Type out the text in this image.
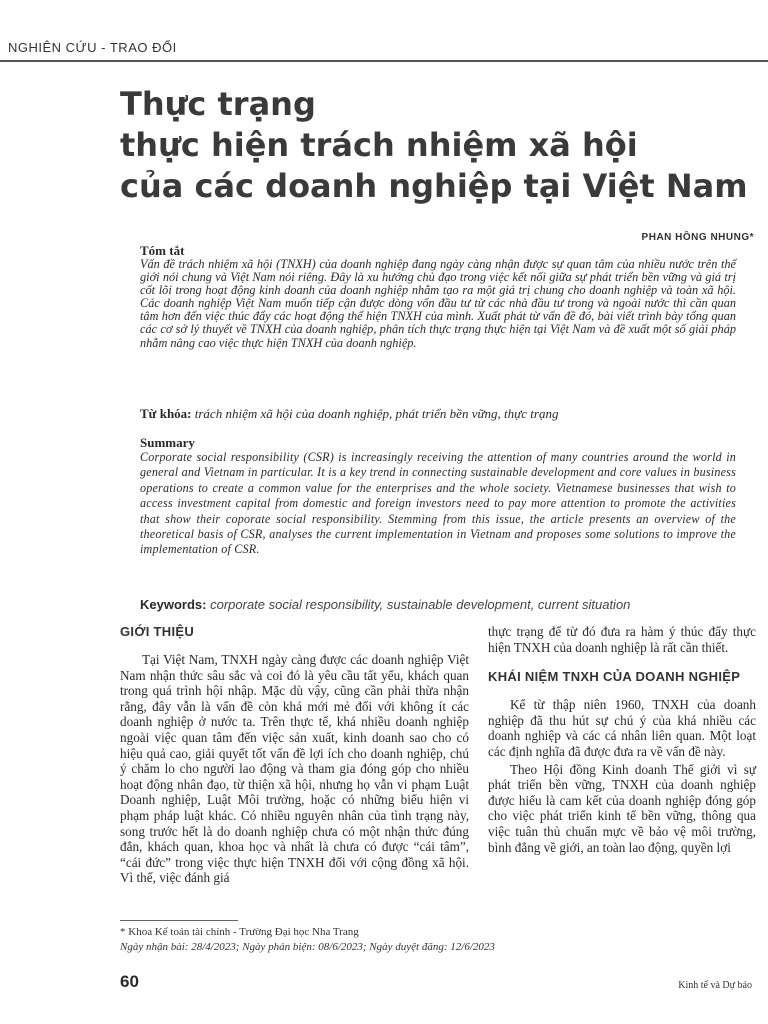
NGHIÊN CỨU - TRAO ĐỔI
Thực trạng
thực hiện trách nhiệm xã hội
của các doanh nghiệp tại Việt Nam
PHAN HỒNG NHUNG*
Tóm tắt
Vấn đề trách nhiệm xã hội (TNXH) của doanh nghiệp đang ngày càng nhận được sự quan tâm của nhiều nước trên thế giới nói chung và Việt Nam nói riêng. Đây là xu hướng chủ đạo trong việc kết nối giữa sự phát triển bền vững và giá trị cốt lõi trong hoạt động kinh doanh của doanh nghiệp nhằm tạo ra một giá trị chung cho doanh nghiệp và toàn xã hội. Các doanh nghiệp Việt Nam muốn tiếp cận được dòng vốn đầu tư từ các nhà đầu tư trong và ngoài nước thì cần quan tâm hơn đến việc thúc đẩy các hoạt động thể hiện TNXH của mình. Xuất phát từ vấn đề đó, bài viết trình bày tổng quan các cơ sở lý thuyết về TNXH của doanh nghiệp, phân tích thực trạng thực hiện tại Việt Nam và đề xuất một số giải pháp nhằm nâng cao việc thực hiện TNXH của doanh nghiệp.
Từ khóa: trách nhiệm xã hội của doanh nghiệp, phát triển bền vững, thực trạng
Summary
Corporate social responsibility (CSR) is increasingly receiving the attention of many countries around the world in general and Vietnam in particular. It is a key trend in connecting sustainable development and core values in business operations to create a common value for the enterprises and the whole society. Vietnamese businesses that wish to access investment capital from domestic and foreign investors need to pay more attention to promote the activities that show their coporate social responsibility. Stemming from this issue, the article presents an overview of the theoretical basis of CSR, analyses the current implementation in Vietnam and proposes some solutions to improve the implementation of CSR.
Keywords: corporate social responsibility, sustainable development, current situation
GIỚI THIỆU

Tại Việt Nam, TNXH ngày càng được các doanh nghiệp Việt Nam nhận thức sâu sắc và coi đó là yêu cầu tất yếu, khách quan trong quá trình hội nhập. Mặc dù vậy, cũng cần phải thừa nhận rằng, đây vẫn là vấn đề còn khá mới mẻ đối với không ít các doanh nghiệp ở nước ta. Trên thực tế, khá nhiều doanh nghiệp ngoài việc quan tâm đến việc sản xuất, kinh doanh sao cho có hiệu quả cao, giải quyết tốt vấn đề lợi ích cho doanh nghiệp, chú ý chăm lo cho người lao động và tham gia đóng góp cho nhiều hoạt động nhân đạo, từ thiện xã hội, nhưng họ vẫn vi phạm Luật Doanh nghiệp, Luật Môi trường, hoặc có những biểu hiện vi phạm pháp luật khác. Có nhiều nguyên nhân của tình trạng này, song trước hết là do doanh nghiệp chưa có một nhận thức đúng đắn, khách quan, khoa học và nhất là chưa có được “cái tâm”, “cái đức” trong việc thực hiện TNXH đối với cộng đồng xã hội. Vì thế, việc đánh giá

thực trạng để từ đó đưa ra hàm ý thúc đẩy thực hiện TNXH của doanh nghiệp là rất cần thiết.

KHÁI NIỆM TNXH CỦA DOANH NGHIỆP

Kể từ thập niên 1960, TNXH của doanh nghiệp đã thu hút sự chú ý của khá nhiều các doanh nghiệp và các cá nhân liên quan. Một loạt các định nghĩa đã được đưa ra về vấn đề này.

Theo Hội đồng Kinh doanh Thế giới vì sự phát triển bền vững, TNXH của doanh nghiệp được hiểu là cam kết của doanh nghiệp đóng góp cho việc phát triển kinh tế bền vững, thông qua việc tuân thủ chuẩn mực về bảo vệ môi trường, bình đẳng về giới, an toàn lao động, quyền lợi

* Khoa Kế toán tài chính - Trường Đại học Nha Trang
Ngày nhận bài: 28/4/2023; Ngày phản biện: 08/6/2023; Ngày duyệt đăng: 12/6/2023
60	Kinh tế và Dự báo
